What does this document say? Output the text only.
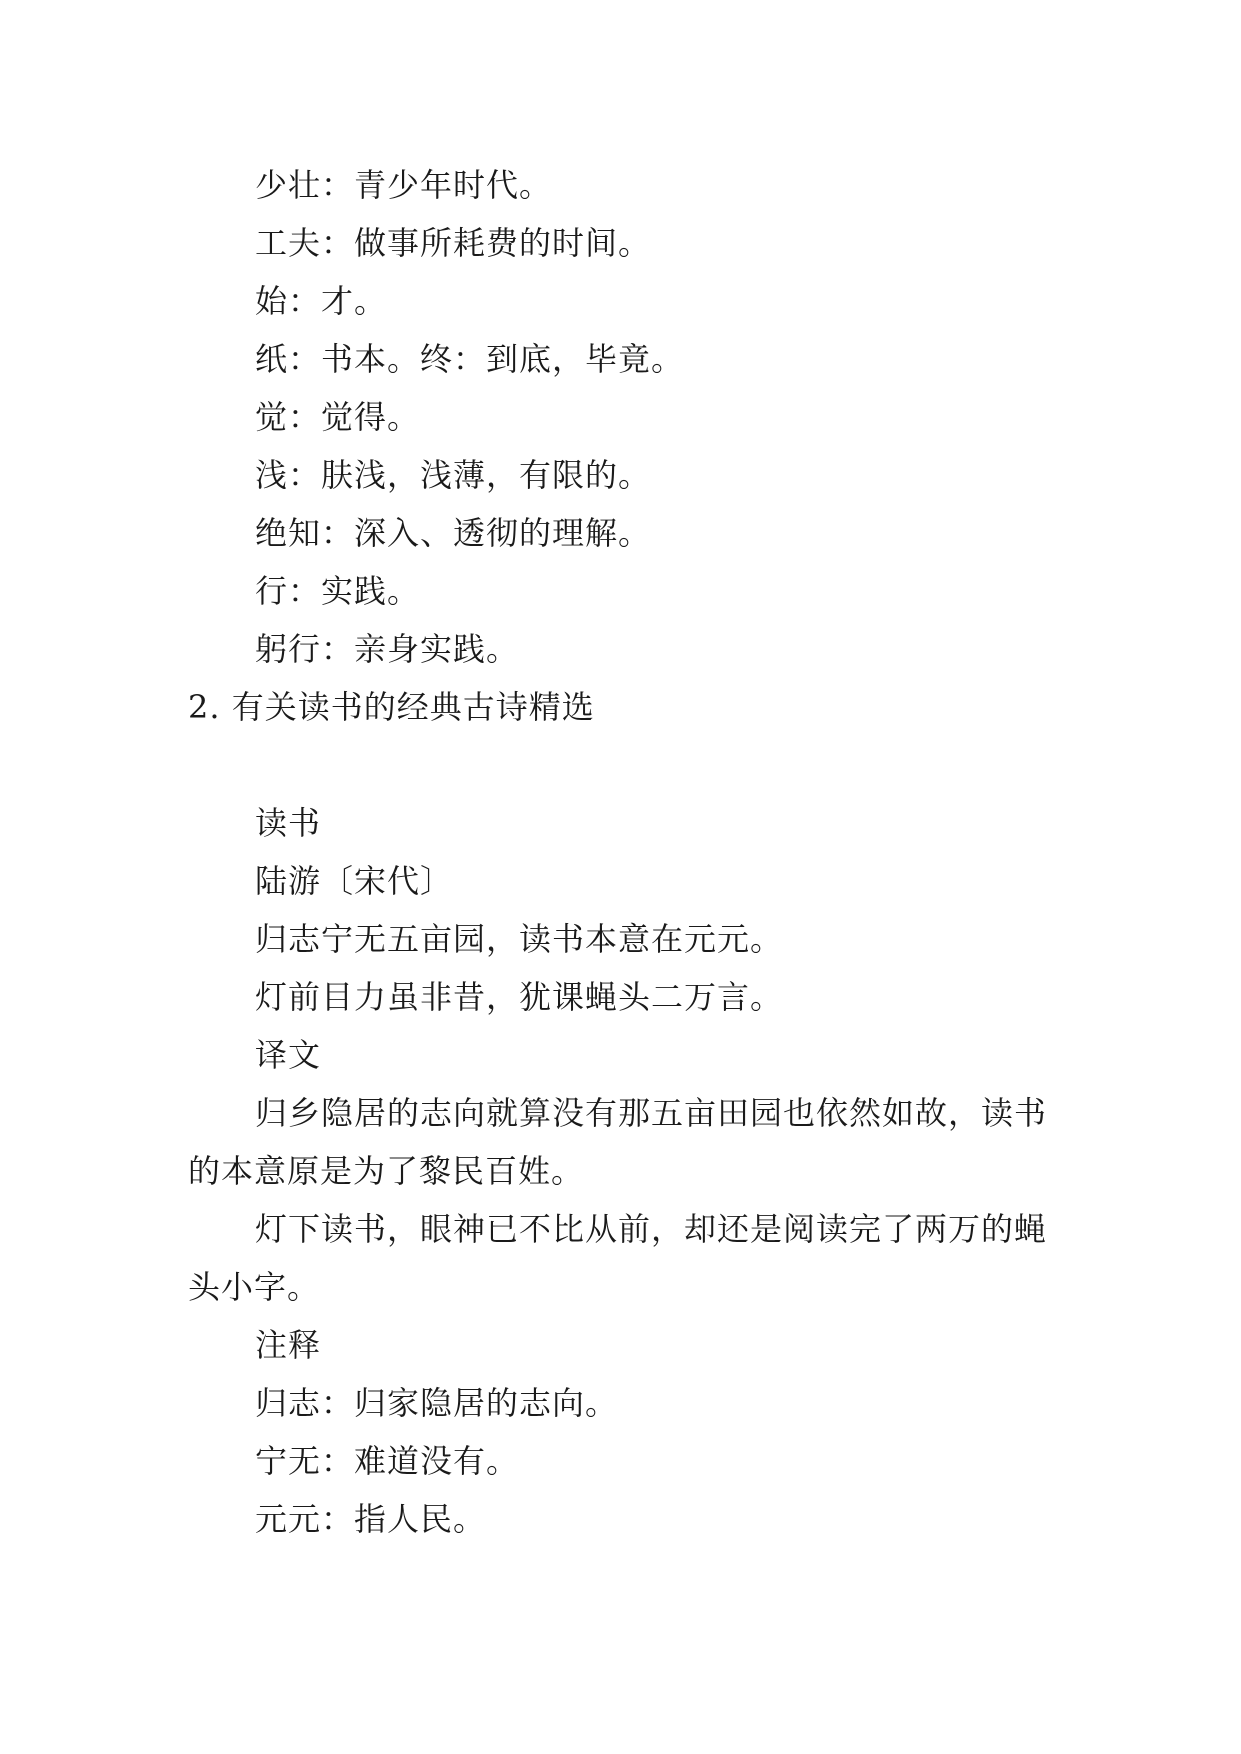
少壮：青少年时代。
工夫：做事所耗费的时间。
始：才。
纸：书本。终：到底，毕竟。
觉：觉得。
浅：肤浅，浅薄，有限的。
绝知：深入、透彻的理解。
行：实践。
躬行：亲身实践。
2. 有关读书的经典古诗精选
读书
陆游〔宋代〕
归志宁无五亩园，读书本意在元元。
灯前目力虽非昔，犹课蝇头二万言。
译文
归乡隐居的志向就算没有那五亩田园也依然如故，读书
的本意原是为了黎民百姓。
灯下读书，眼神已不比从前，却还是阅读完了两万的蝇
头小字。
注释
归志：归家隐居的志向。
宁无：难道没有。
元元：指人民。
